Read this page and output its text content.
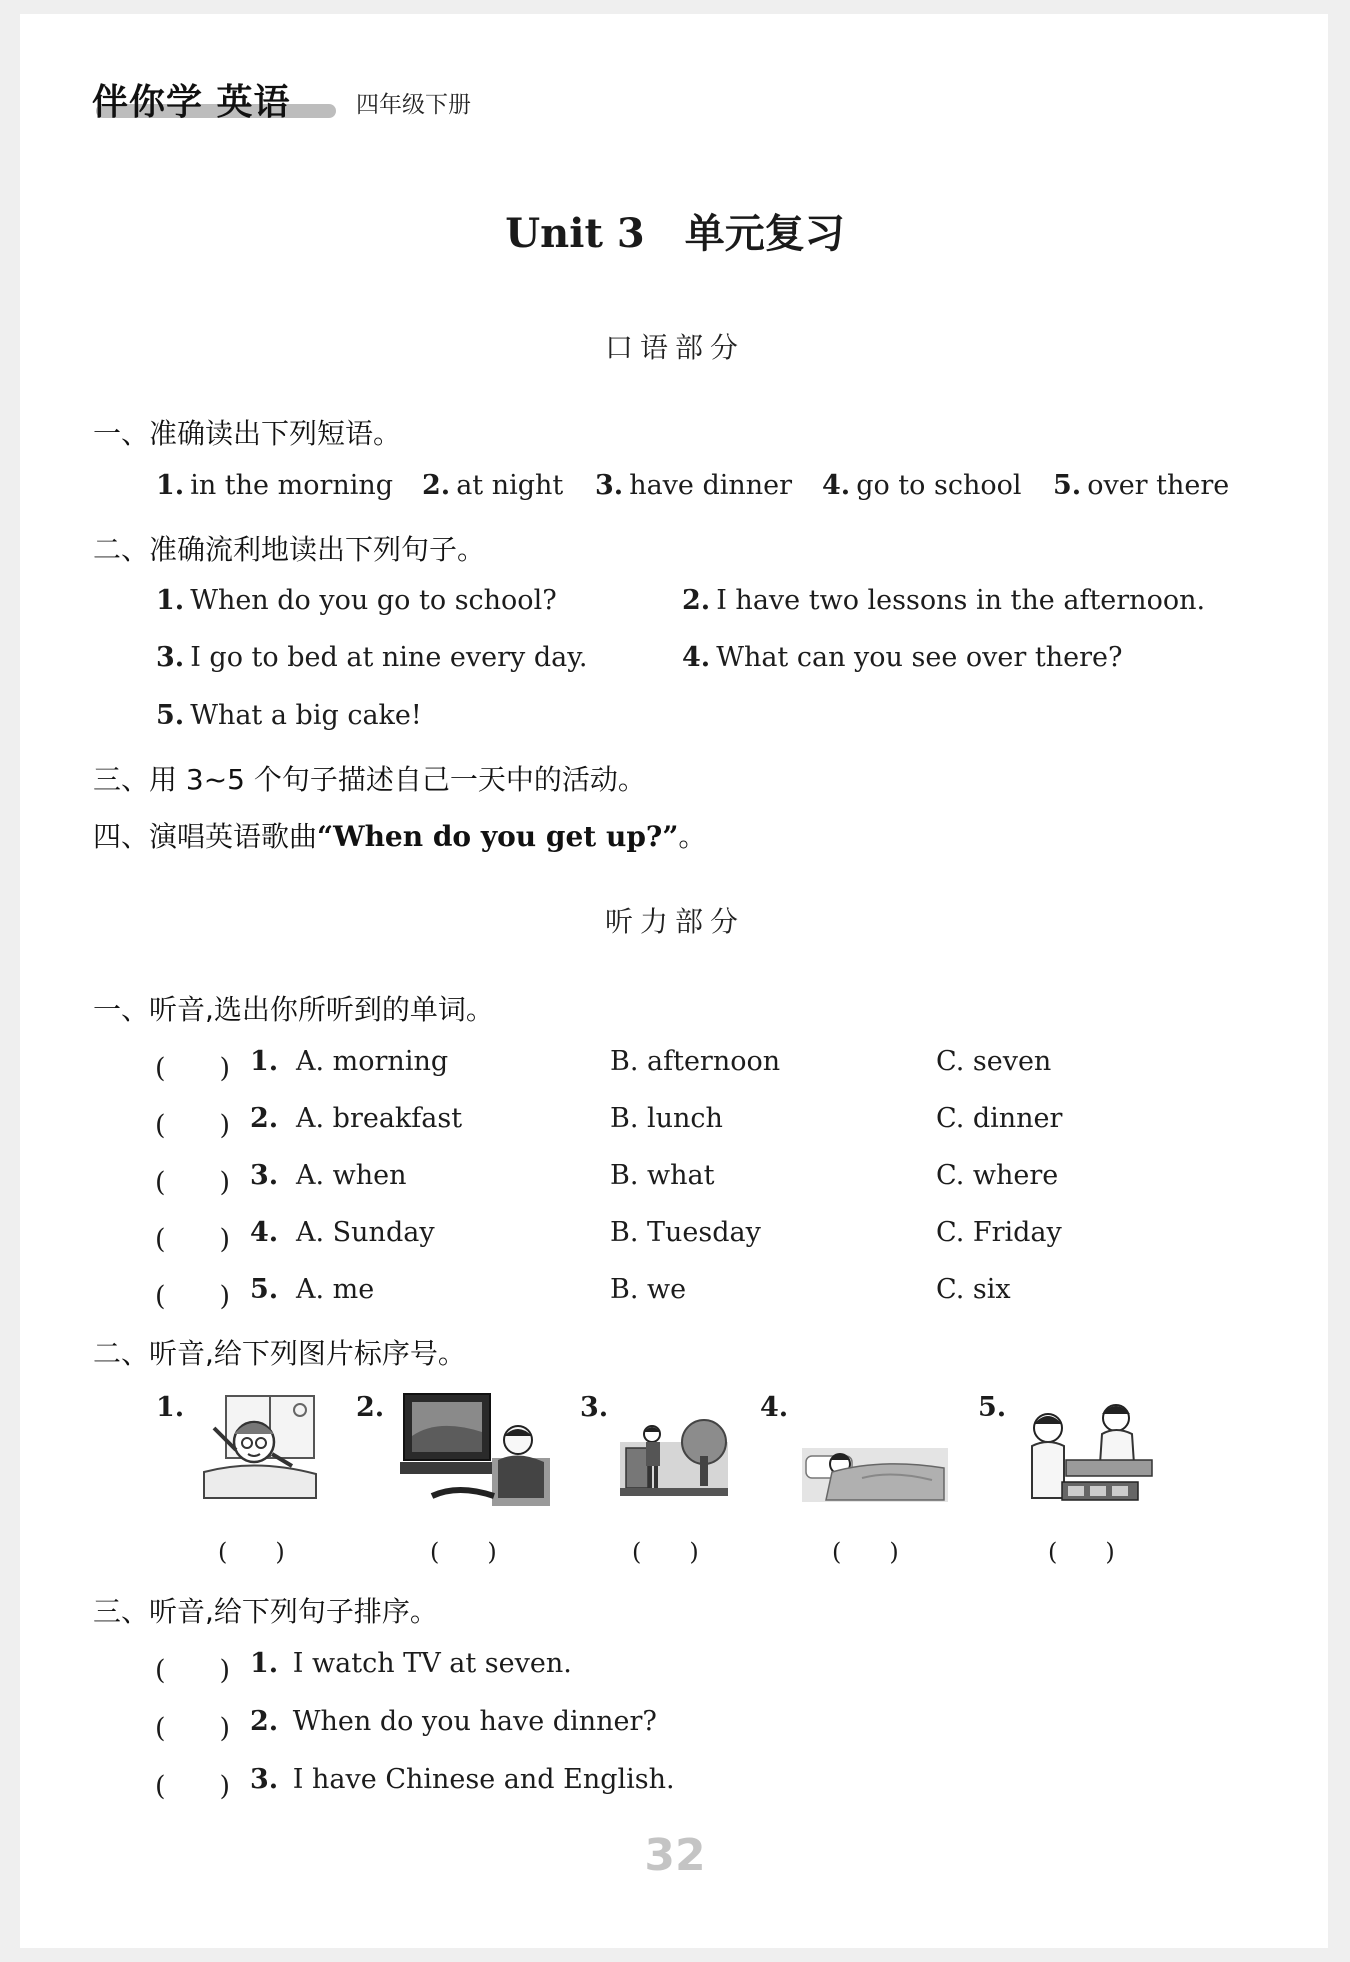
伴你学 英语	四年级下册
Unit 3　单元复习
口语部分
一、准确读出下列短语。
1. in the morning 2. at night 3. have dinner 4. go to school 5. over there
二、准确流利地读出下列句子。
1. When do you go to school?	2. I have two lessons in the afternoon.
3. I go to bed at nine every day.	4. What can you see over there?
5. What a big cake!
三、用 3~5 个句子描述自己一天中的活动。
四、演唱英语歌曲“When do you get up?”。
听力部分
一、听音,选出你所听到的单词。
(　　) 1. A. morning	B. afternoon	C. seven
(　　) 2. A. breakfast	B. lunch	C. dinner
(　　) 3. A. when	B. what	C. where
(　　) 4. A. Sunday	B. Tuesday	C. Friday
(　　) 5. A. me	B. we	C. six
二、听音,给下列图片标序号。
1.	2.	3.	4.	5.
(　　)	(　　)	(　　)	(　　)	(　　)
三、听音,给下列句子排序。
(　　) 1. I watch TV at seven.
(　　) 2. When do you have dinner?
(　　) 3. I have Chinese and English.
32
